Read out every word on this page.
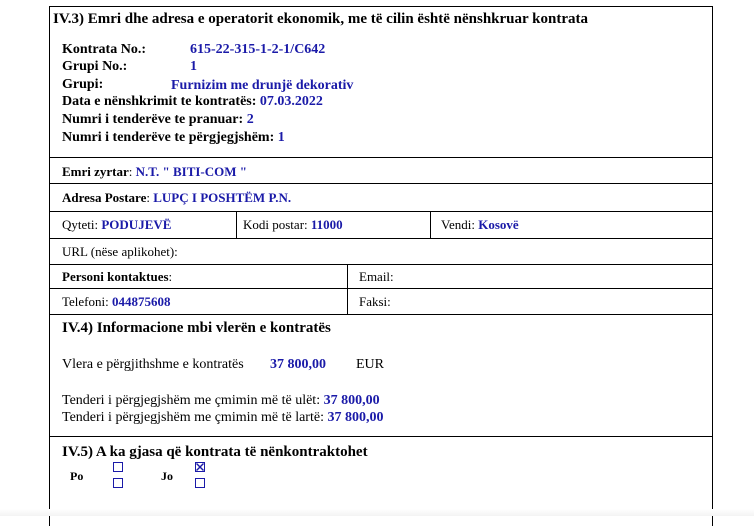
IV.3) Emri dhe adresa e operatorit ekonomik, me të cilin është nënshkruar kontrata
Kontrata No.:	615-22-315-1-2-1/C642
Grupi No.:	1
Grupi:	Furnizim me drunjë dekorativ
Data e nënshkrimit te kontratës: 07.03.2022
Numri i tenderëve te pranuar: 2
Numri i tenderëve te përgjegjshëm: 1
Emri zyrtar: N.T. " BITI-COM "
Adresa Postare: LUPÇ I POSHTËM P.N.
Qyteti: PODUJEVË	Kodi postar: 11000	Vendi: Kosovë
URL (nëse aplikohet):
Personi kontaktues:	Email:
Telefoni: 044875608	Faksi:
IV.4) Informacione mbi vlerën e kontratës
Vlera e përgjithshme e kontratës 37 800,00 EUR
Tenderi i përgjegjshëm me çmimin më të ulët: 37 800,00
Tenderi i përgjegjshëm me çmimin më të lartë: 37 800,00
IV.5) A ka gjasa që kontrata të nënkontraktohet
Po	Jo
